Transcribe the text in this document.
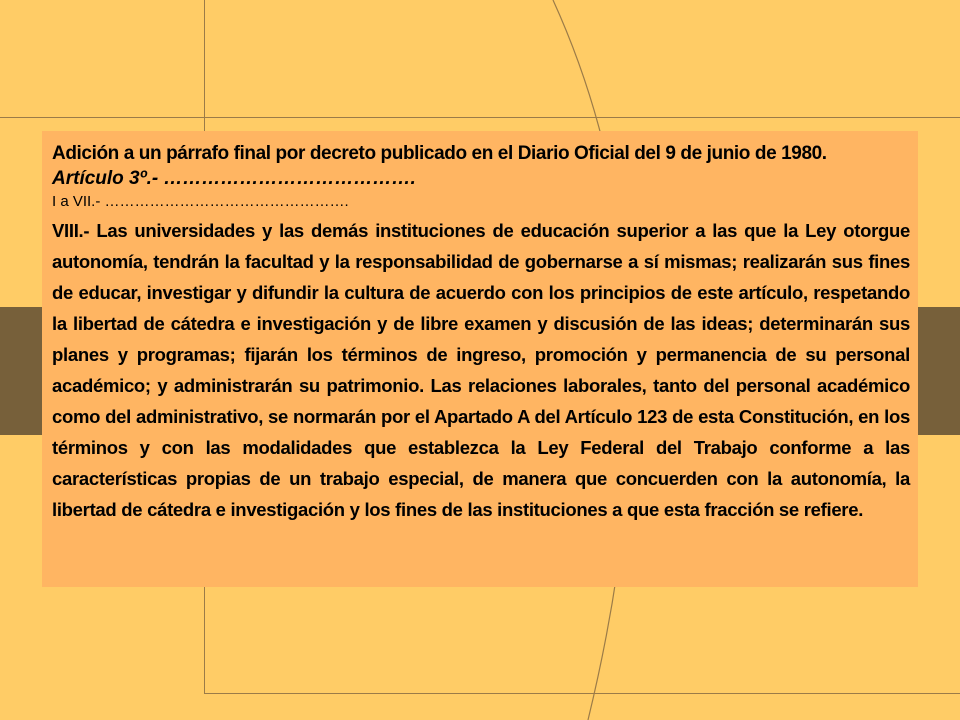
Adición a un párrafo final por decreto publicado en el Diario Oficial del 9 de junio de 1980.
Artículo 3º.- ………………………………….
I a VII.- ………………………………………….
VIII.- Las universidades y las demás instituciones de educación superior a las que la Ley otorgue autonomía, tendrán la facultad y la responsabilidad de gobernarse a sí mismas; realizarán sus fines de educar, investigar y difundir la cultura de acuerdo con los principios de este artículo, respetando la libertad de cátedra e investigación y de libre examen y discusión de las ideas; determinarán sus planes y programas; fijarán los términos de ingreso, promoción y permanencia de su personal académico; y administrarán su patrimonio. Las relaciones laborales, tanto del personal académico como del administrativo, se normarán por el Apartado A del Artículo 123 de esta Constitución, en los términos y con las modalidades que establezca la Ley Federal del Trabajo conforme a las características propias de un trabajo especial, de manera que concuerden con la autonomía, la libertad de cátedra e investigación y los fines de las instituciones a que esta fracción se refiere.
